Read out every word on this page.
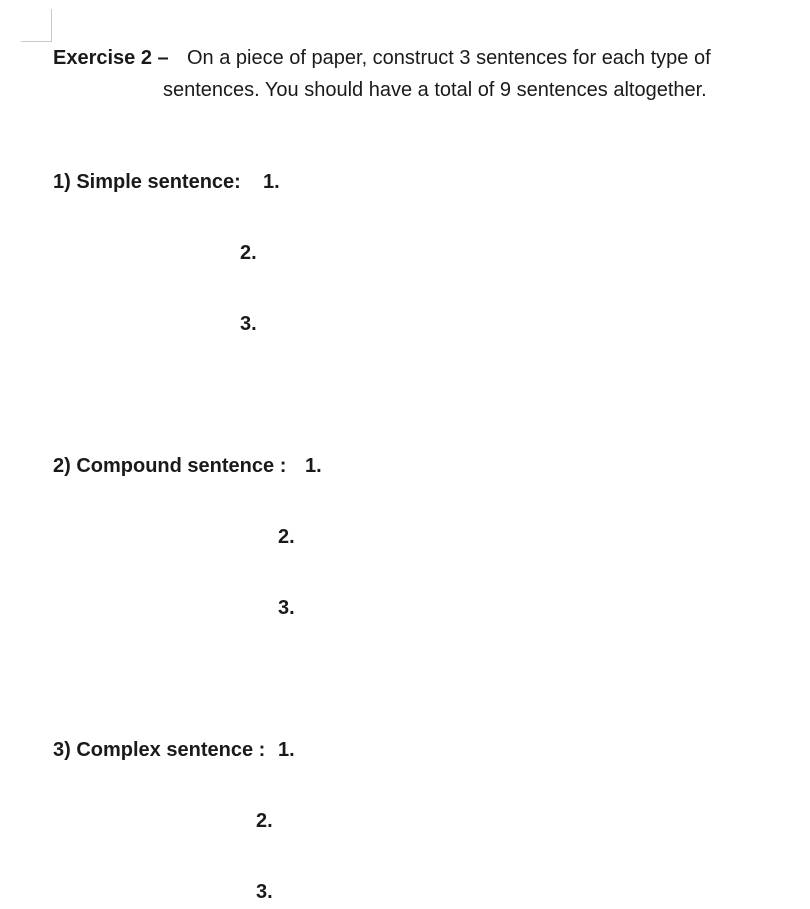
Exercise 2 – On a piece of paper, construct 3 sentences for each type of
sentences. You should have a total of 9 sentences altogether.
1) Simple sentence: 1.
2.
3.
2) Compound sentence : 1.
2.
3.
3) Complex sentence : 1.
2.
3.
